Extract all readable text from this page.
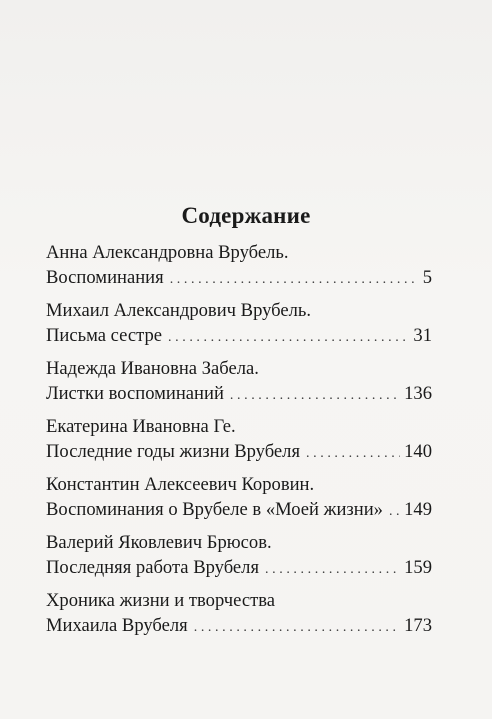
Содержание
Анна Александровна Врубель.
Воспоминания .....	5
Михаил Александрович Врубель.
Письма сестре .....	31
Надежда Ивановна Забела.
Листки воспоминаний .....	136
Екатерина Ивановна Ге.
Последние годы жизни Врубеля .....	140
Константин Алексеевич Коровин.
Воспоминания о Врубеле в «Моей жизни» ..... 149
Валерий Яковлевич Брюсов.
Последняя работа Врубеля .....	159
Хроника жизни и творчества
Михаила Врубеля .....	173
